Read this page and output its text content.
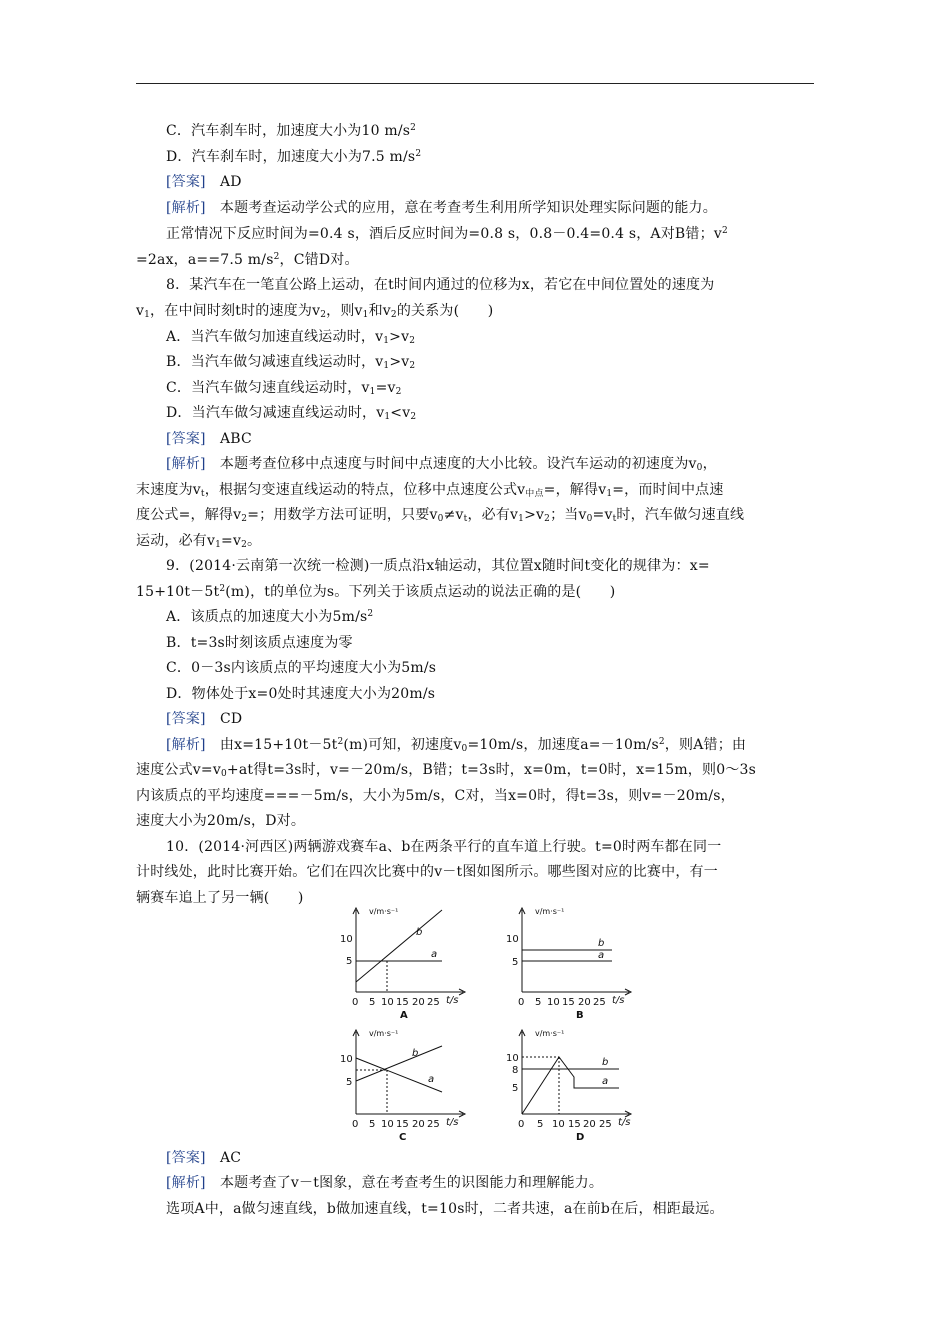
C．汽车刹车时，加速度大小为10 $m/s^2$
D．汽车刹车时，加速度大小为7.5 $m/s^2$
[答案]　 AD
[解析]　本题考查运动学公式的应用，意在考查考生利用所学知识处理实际问题的能力。
正常情况下反应时间为=0.4 s，酒后反应时间为=0.8 s，0.8－0.4=0.4 s，A对B错；$v^2$
=2ax，a==7.5 $m/s^2$，C错D对。
8．某汽车在一笔直公路上运动，在t时间内通过的位移为x，若它在中间位置处的速度为
$v_1$，在中间时刻t时的速度为$v_2$，则$v_1$和$v_2$的关系为(　　)
A．当汽车做匀加速直线运动时，$v_1>v_2$
B．当汽车做匀减速直线运动时，$v_1>v_2$
C．当汽车做匀速直线运动时，$v_1=v_2$
D．当汽车做匀减速直线运动时，$v_1<v_2$
[答案]　 ABC
[解析]　本题考查位移中点速度与时间中点速度的大小比较。设汽车运动的初速度为$v_0$，
末速度为$v_t$，根据匀变速直线运动的特点，位移中点速度公式$v_{中点}=$，解得$v_1=$，而时间中点速
度公式=，解得$v_2=$；用数学方法可证明，只要$v_0\ne v_t$，必有$v_1>v_2$；当$v_0=v_t$时，汽车做匀速直线
运动，必有$v_1=v_2$。
9．(2014·云南第一次统一检测)一质点沿x轴运动，其位置x随时间t变化的规律为：x=
$15+10t-5t^2(m)$，t的单位为s。下列关于该质点运动的说法正确的是(　　)
A．该质点的加速度大小为$5m/s^2$
B．t=3s时刻该质点速度为零
C．0－3s内该质点的平均速度大小为5m/s
D．物体处于x=0处时其速度大小为20m/s
[答案]　 CD
[解析]　由$x=15+10t-5t^2(m)$可知，初速度$v_0=10m/s$，加速度$a=-10m/s^2$，则A错；由
速度公式$v=v_0+at$得t=3s时，v=－20m/s，B错；t=3s时，x=0m，t=0时，x=15m，则0～3s
内该质点的平均速度===－5m/s，大小为5m/s，C对，当x=0时，得t=3s，则v=－20m/s，
速度大小为20m/s，D对。
10．(2014·河西区)两辆游戏赛车a、b在两条平行的直车道上行驶。t=0时两车都在同一
计时线处，此时比赛开始。它们在四次比赛中的v－t图如图所示。哪些图对应的比赛中，有一
辆赛车追上了另一辆(　　)
v/m·s⁻¹
10
5
0 5 10 15 20 25 t/s
a
b
A
v/m·s⁻¹
10
5
0 5 10 15 20 25 t/s
b
a
B
v/m·s⁻¹
10
5
0 5 10 15 20 25 t/s
b
a
C
v/m·s⁻¹
10
8
5
0 5 10 15 20 25 t/s
b
a
D
[答案]　 AC
[解析]　 本题考查了v－t图象，意在考查考生的识图能力和理解能力。
选项A中，a做匀速直线，b做加速直线，t=10s时，二者共速，a在前b在后，相距最远。
